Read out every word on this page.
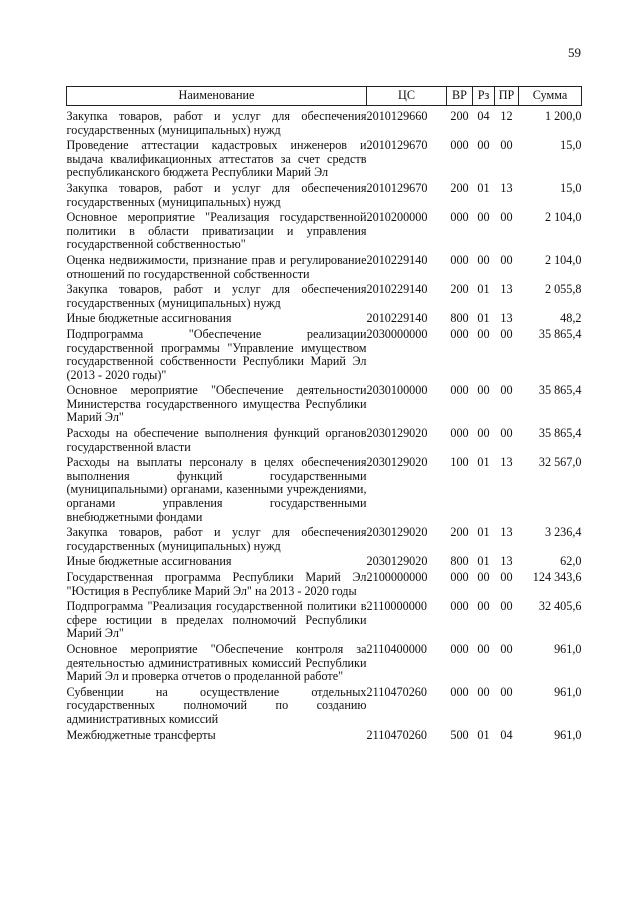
59
Наименование	ЦС	ВР	Рз	ПР	Сумма

Закупка товаров, работ и услуг для обеспечения государственных (муниципальных) нужд	2010129660	200	04	12	1 200,0
Проведение аттестации кадастровых инженеров и выдача квалификационных аттестатов за счет средств республиканского бюджета Республики Марий Эл	2010129670	000	00	00	15,0
Закупка товаров, работ и услуг для обеспечения государственных (муниципальных) нужд	2010129670	200	01	13	15,0
Основное мероприятие "Реализация государственной политики в области приватизации и управления государственной собственностью"	2010200000	000	00	00	2 104,0
Оценка недвижимости, признание прав и регулирование отношений по государственной собственности	2010229140	000	00	00	2 104,0
Закупка товаров, работ и услуг для обеспечения государственных (муниципальных) нужд	2010229140	200	01	13	2 055,8
Иные бюджетные ассигнования	2010229140	800	01	13	48,2
Подпрограмма "Обеспечение реализации государственной программы "Управление имуществом государственной собственности Республики Марий Эл (2013 - 2020 годы)"	2030000000	000	00	00	35 865,4
Основное мероприятие "Обеспечение деятельности Министерства государственного имущества Республики Марий Эл"	2030100000	000	00	00	35 865,4
Расходы на обеспечение выполнения функций органов государственной власти	2030129020	000	00	00	35 865,4
Расходы на выплаты персоналу в целях обеспечения выполнения функций государственными (муниципальными) органами, казенными учреждениями, органами управления государственными внебюджетными фондами	2030129020	100	01	13	32 567,0
Закупка товаров, работ и услуг для обеспечения государственных (муниципальных) нужд	2030129020	200	01	13	3 236,4
Иные бюджетные ассигнования	2030129020	800	01	13	62,0
Государственная программа Республики Марий Эл "Юстиция в Республике Марий Эл" на 2013 - 2020 годы	2100000000	000	00	00	124 343,6
Подпрограмма "Реализация государственной политики в сфере юстиции в пределах полномочий Республики Марий Эл"	2110000000	000	00	00	32 405,6
Основное мероприятие "Обеспечение контроля за деятельностью административных комиссий Республики Марий Эл и проверка отчетов о проделанной работе"	2110400000	000	00	00	961,0
Субвенции на осуществление отдельных государственных полномочий по созданию административных комиссий	2110470260	000	00	00	961,0
Межбюджетные трансферты	2110470260	500	01	04	961,0
